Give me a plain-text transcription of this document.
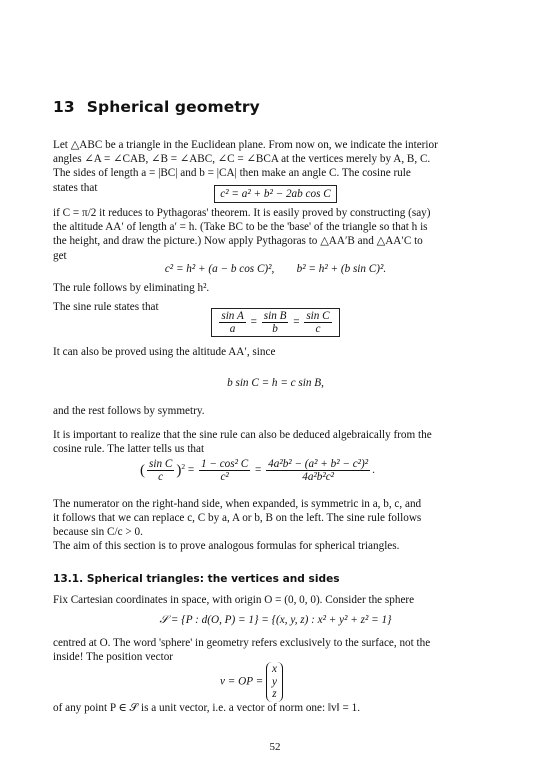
13 Spherical geometry

Let △ABC be a triangle in the Euclidean plane. From now on, we indicate the interior
angles ∠A = ∠CAB, ∠B = ∠ABC, ∠C = ∠BCA at the vertices merely by A, B, C.
The sides of length a = |BC| and b = |CA| then make an angle C. The cosine rule
states that

c² = a² + b² − 2ab cos C

if C = π/2 it reduces to Pythagoras' theorem. It is easily proved by constructing (say)
the altitude AA′ of length a′ = h. (Take BC to be the 'base' of the triangle so that h is
the height, and draw the picture.) Now apply Pythagoras to △AA′B and △AA′C to
get

c² = h² + (a − b cos C)²,        b² = h² + (b sin C)².

The rule follows by eliminating h².

The sine rule states that

$\frac{\text{sin A}}{a} = \frac{\text{sin B}}{b} = \frac{\text{sin C}}{c}$

It can also be proved using the altitude AA′, since

b sin C = h = c sin B,

and the rest follows by symmetry.

It is important to realize that the sine rule can also be deduced algebraically from the
cosine rule. The latter tells us that

( $\frac{\text{sin C}}{c} )^2 = \frac{\text{1 − cos² C}}{\text{c²}} = \frac{\text{4a²b² − (a² + b² − c²)²}}{\text{4a²b²c²}}$ .

The numerator on the right-hand side, when expanded, is symmetric in a, b, c, and
it follows that we can replace c, C by a, A or b, B on the left. The sine rule follows
because sin C/c > 0.

The aim of this section is to prove analogous formulas for spherical triangles.

13.1. Spherical triangles: the vertices and sides

Fix Cartesian coordinates in space, with origin O = (0, 0, 0). Consider the sphere

𝒮 = {P : d(O, P) = 1} = {(x, y, z) : x² + y² + z² = 1}

centred at O. The word 'sphere' in geometry refers exclusively to the surface, not the
inside! The position vector

v = OP =
x
y
z

of any point P ∈ 𝒮 is a unit vector, i.e. a vector of norm one: ‖v‖ = 1.

52
